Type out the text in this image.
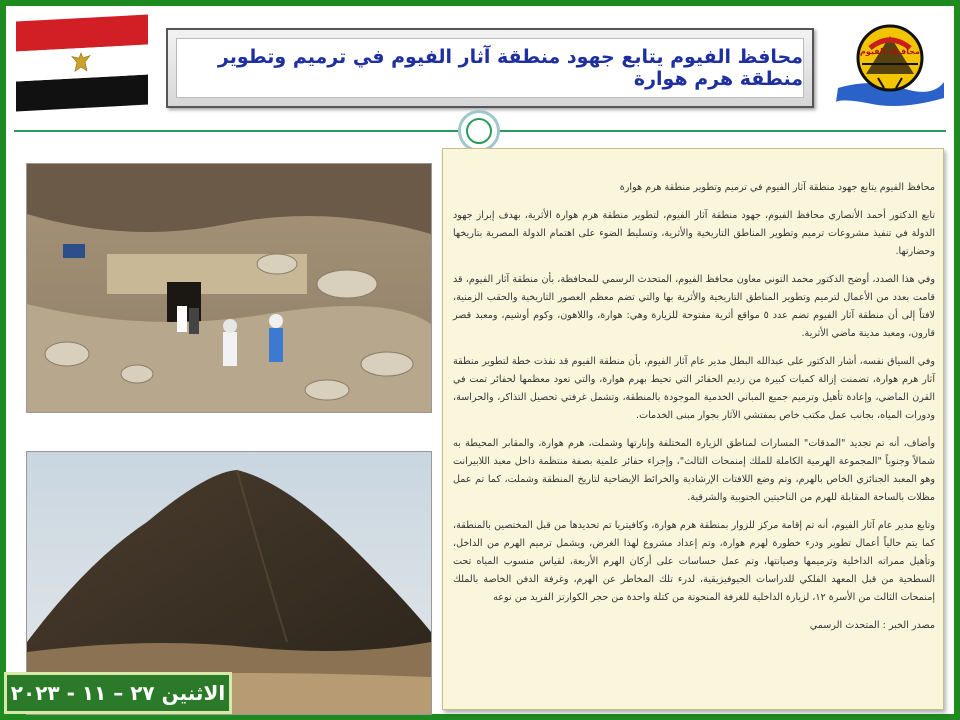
محافظ الفيوم يتابع جهود منطقة آثار الفيوم في ترميم وتطوير منطقة هرم هوارة
محافظة الفيوم

محافظ الفيوم يتابع جهود منطقة آثار الفيوم في ترميم وتطوير منطقة هرم هوارة

تابع الدكتور أحمد الأنصاري محافظ الفيوم، جهود منطقة آثار الفيوم، لتطوير منطقة هرم هوارة الأثرية، بهدف إبراز جهود الدولة في تنفيذ مشروعات ترميم وتطوير المناطق التاريخية والأثرية، وتسليط الضوء على اهتمام الدولة المصرية بتاريخها وحضارتها.

وفي هذا الصدد، أوضح الدكتور محمد التوني معاون محافظ الفيوم، المتحدث الرسمي للمحافظة، بأن منطقة آثار الفيوم، قد قامت بعدد من الأعمال لترميم وتطوير المناطق التاريخية والأثرية بها والتي تضم معظم العصور التاريخية والحقب الزمنية، لافتاً إلى أن منطقة آثار الفيوم تضم عدد ٥ مواقع أثرية مفتوحة للزيارة وهي: هوارة، واللاهون، وكوم أوشيم، ومعبد قصر قارون، ومعبد مدينة ماضي الأثرية.

وفي السياق نفسه، أشار الدكتور على عبدالله البطل مدير عام آثار الفيوم، بأن منطقة الفيوم قد نفذت خطة لتطوير منطقة آثار هرم هوارة، تضمنت إزالة كميات كبيرة من رديم الحفائر التي تحيط بهرم هوارة، والتي تعود معظمها لحفائر تمت في القرن الماضي، وإعادة تأهيل وترميم جميع المباني الخدمية الموجودة بالمنطقة، وتشمل غرفتي تحصيل التذاكر، والحراسة، ودورات المياه، بجانب عمل مكتب خاص بمفتشي الآثار بجوار مبنى الخدمات.

وأضاف، أنه تم تجديد "المدقات" المسارات لمناطق الزيارة المختلفة وإنارتها وشملت، هرم هوارة، والمقابر المحيطة به شمالاً وجنوباً "المجموعة الهرمية الكاملة للملك إمنمحات الثالث"، وإجراء حفائر علمية بصفة منتظمة داخل معبد اللابيرانت وهو المعبد الجنائزي الخاص بالهرم، وتم وضع اللافتات الإرشادية والخرائط الإيضاحية لتاريخ المنطقة وشملت، كما تم عمل مظلات بالساحة المقابلة للهرم من الناحيتين الجنوبية والشرقية.

وتابع مدير عام آثار الفيوم، أنه تم إقامة مركز للزوار بمنطقة هرم هوارة، وكافيتريا تم تحديدها من قبل المختصين بالمنطقة، كما يتم حالياً أعمال تطوير ودرء خطورة لهرم هوارة، وتم إعداد مشروع لهذا الغرض، ويشمل ترميم الهرم من الداخل، وتأهيل ممراته الداخلية وترميمها وصيانتها، وتم عمل حساسات على أركان الهرم الأربعة، لقياس منسوب المياه تحت السطحية من قبل المعهد الفلكي للدراسات الجيوفيزيقية، لدرء تلك المخاطر عن الهرم، وغرفة الدفن الخاصة بالملك إمنمحات الثالث من الأسرة ١٢، لزيارة الداخلية للغرفة المنحوتة من كتلة واحدة من حجر الكوارتز الفريد من نوعه

مصدر الخبر : المتحدث الرسمي

الاثنين ٢٧ – ١١ - ٢٠٢٣
